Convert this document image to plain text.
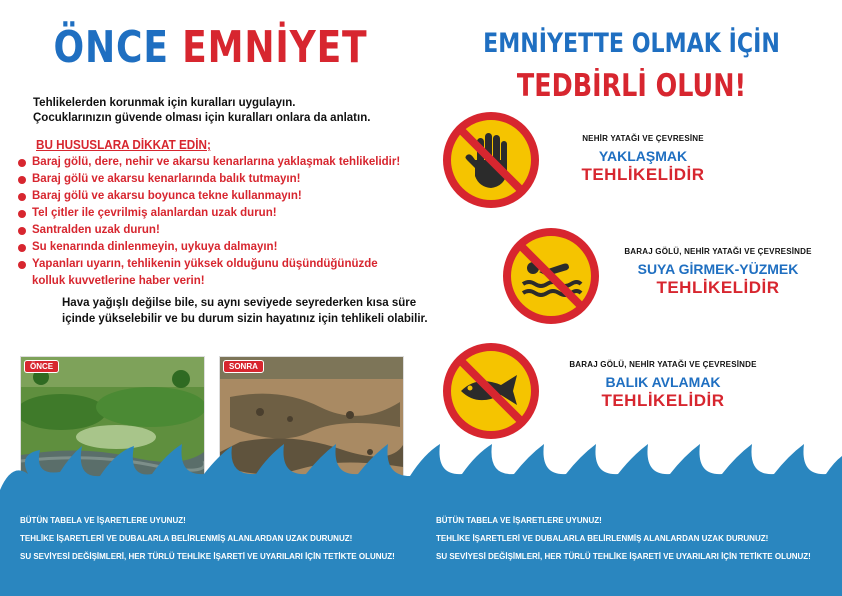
ÖNCE EMNİYET
Tehlikelerden korunmak için kuralları uygulayın.
Çocuklarınızın güvende olması için kuralları onlara da anlatın.
BU HUSUSLARA DİKKAT EDİN;
Baraj gölü, dere, nehir ve akarsu kenarlarına yaklaşmak tehlikelidir!
Baraj gölü ve akarsu kenarlarında balık tutmayın!
Baraj gölü ve akarsu boyunca tekne kullanmayın!
Tel çitler ile çevrilmiş alanlardan uzak durun!
Santralden uzak durun!
Su kenarında dinlenmeyin, uykuya dalmayın!
Yapanları uyarın, tehlikenin yüksek olduğunu düşündüğünüzde
kolluk kuvvetlerine haber verin!
Hava yağışlı değilse bile, su aynı seviyede seyrederken kısa süre
içinde yükselebilir ve bu durum sizin hayatınız için tehlikeli olabilir.
ÖNCE	SONRA
EMNİYETTE OLMAK İÇİN
TEDBİRLİ OLUN!
NEHİR YATAĞI VE ÇEVRESİNE
YAKLAŞMAK
TEHLİKELİDİR
BARAJ GÖLÜ, NEHİR YATAĞI VE ÇEVRESİNDE
SUYA GİRMEK-YÜZMEK
TEHLİKELİDİR
BARAJ GÖLÜ, NEHİR YATAĞI VE ÇEVRESİNDE
BALIK AVLAMAK
TEHLİKELİDİR
BÜTÜN TABELA VE İŞARETLERE UYUNUZ!
TEHLİKE İŞARETLERİ VE DUBALARLA BELİRLENMİŞ ALANLARDAN UZAK DURUNUZ!
SU SEVİYESİ DEĞİŞİMLERİ, HER TÜRLÜ TEHLİKE İŞARETİ VE UYARILARI İÇİN TETİKTE OLUNUZ!
BÜTÜN TABELA VE İŞARETLERE UYUNUZ!
TEHLİKE İŞARETLERİ VE DUBALARLA BELİRLENMİŞ ALANLARDAN UZAK DURUNUZ!
SU SEVİYESİ DEĞİŞİMLERİ, HER TÜRLÜ TEHLİKE İŞARETİ VE UYARILARI İÇİN TETİKTE OLUNUZ!
